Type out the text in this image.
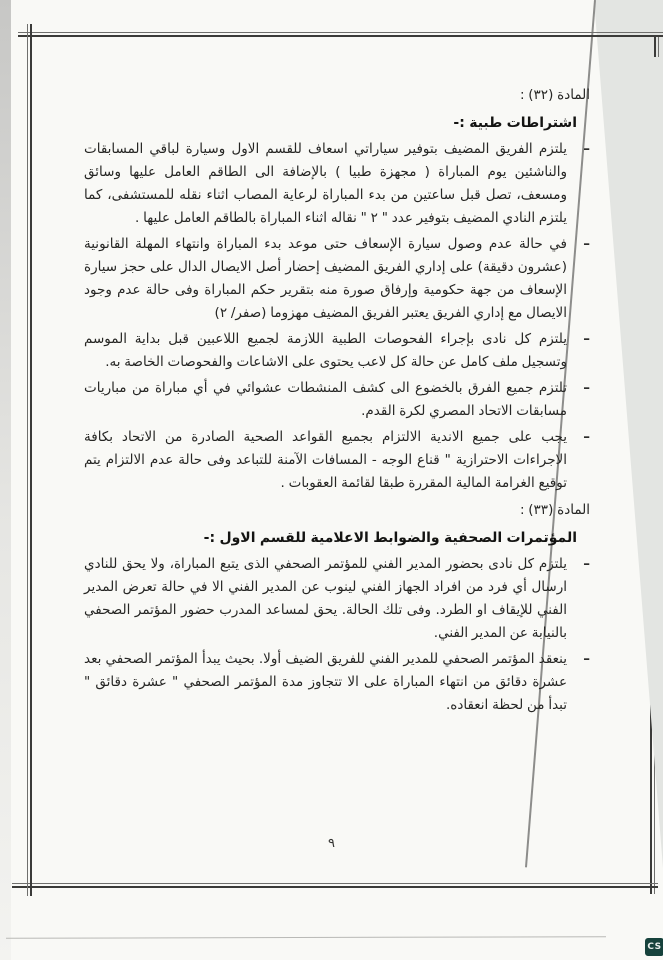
المادة (٣٢) :

اشتراطات طبية :-

–

يلتزم الفريق المضيف بتوفير سياراتي اسعاف للقسم الاول وسيارة لباقي المسابقات والناشئين يوم المباراة ( مجهزة طبيا ) بالإضافة الى الطاقم العامل عليها وسائق ومسعف، تصل قبل ساعتين من بدء المباراة لرعاية المصاب اثناء نقله للمستشفى، كما يلتزم النادي المضيف بتوفير عدد " ٢ " نقاله اثناء المباراة بالطاقم العامل عليها .

–

في حالة عدم وصول سيارة الإسعاف حتى موعد بدء المباراة وانتهاء المهلة القانونية (عشرون دقيقة) على إداري الفريق المضيف إحضار أصل الايصال الدال على حجز سيارة الإسعاف من جهة حكومية وإرفاق صورة منه بتقرير حكم المباراة وفى حالة عدم وجود الايصال مع إداري الفريق يعتبر الفريق المضيف مهزوما (صفر/ ٢)

–

يلتزم كل نادى بإجراء الفحوصات الطبية اللازمة لجميع اللاعبين قبل بداية الموسم وتسجيل ملف كامل عن حالة كل لاعب يحتوى على الاشاعات والفحوصات الخاصة به.

–

تلتزم جميع الفرق بالخضوع الى كشف المنشطات عشوائي في أي مباراة من مباريات مسابقات الاتحاد المصري لكرة القدم.

–

يجب على جميع الاندية الالتزام بجميع القواعد الصحية الصادرة من الاتحاد بكافة الاجراءات الاحترازية " قناع الوجه - المسافات الآمنة للتباعد وفى حالة عدم الالتزام يتم توقيع الغرامة المالية المقررة طبقا لقائمة العقوبات .

المادة (٣٣) :

المؤتمرات الصحفية والضوابط الاعلامية للقسم الاول :-

–

يلتزم كل نادى بحضور المدير الفني للمؤتمر الصحفي الذى يتبع المباراة، ولا يحق للنادي ارسال أي فرد من افراد الجهاز الفني لينوب عن المدير الفني الا في حالة تعرض المدير الفني للإيقاف او الطرد. وفى تلك الحالة. يحق لمساعد المدرب حضور المؤتمر الصحفي بالنيابة عن المدير الفني.

–

ينعقد المؤتمر الصحفي للمدير الفني للفريق الضيف أولا. بحيث يبدأ المؤتمر الصحفي بعد عشرة دقائق من انتهاء المباراة على الا تتجاوز مدة المؤتمر الصحفي " عشرة دقائق " تبدأ من لحظة انعقاده.

٩
CS
